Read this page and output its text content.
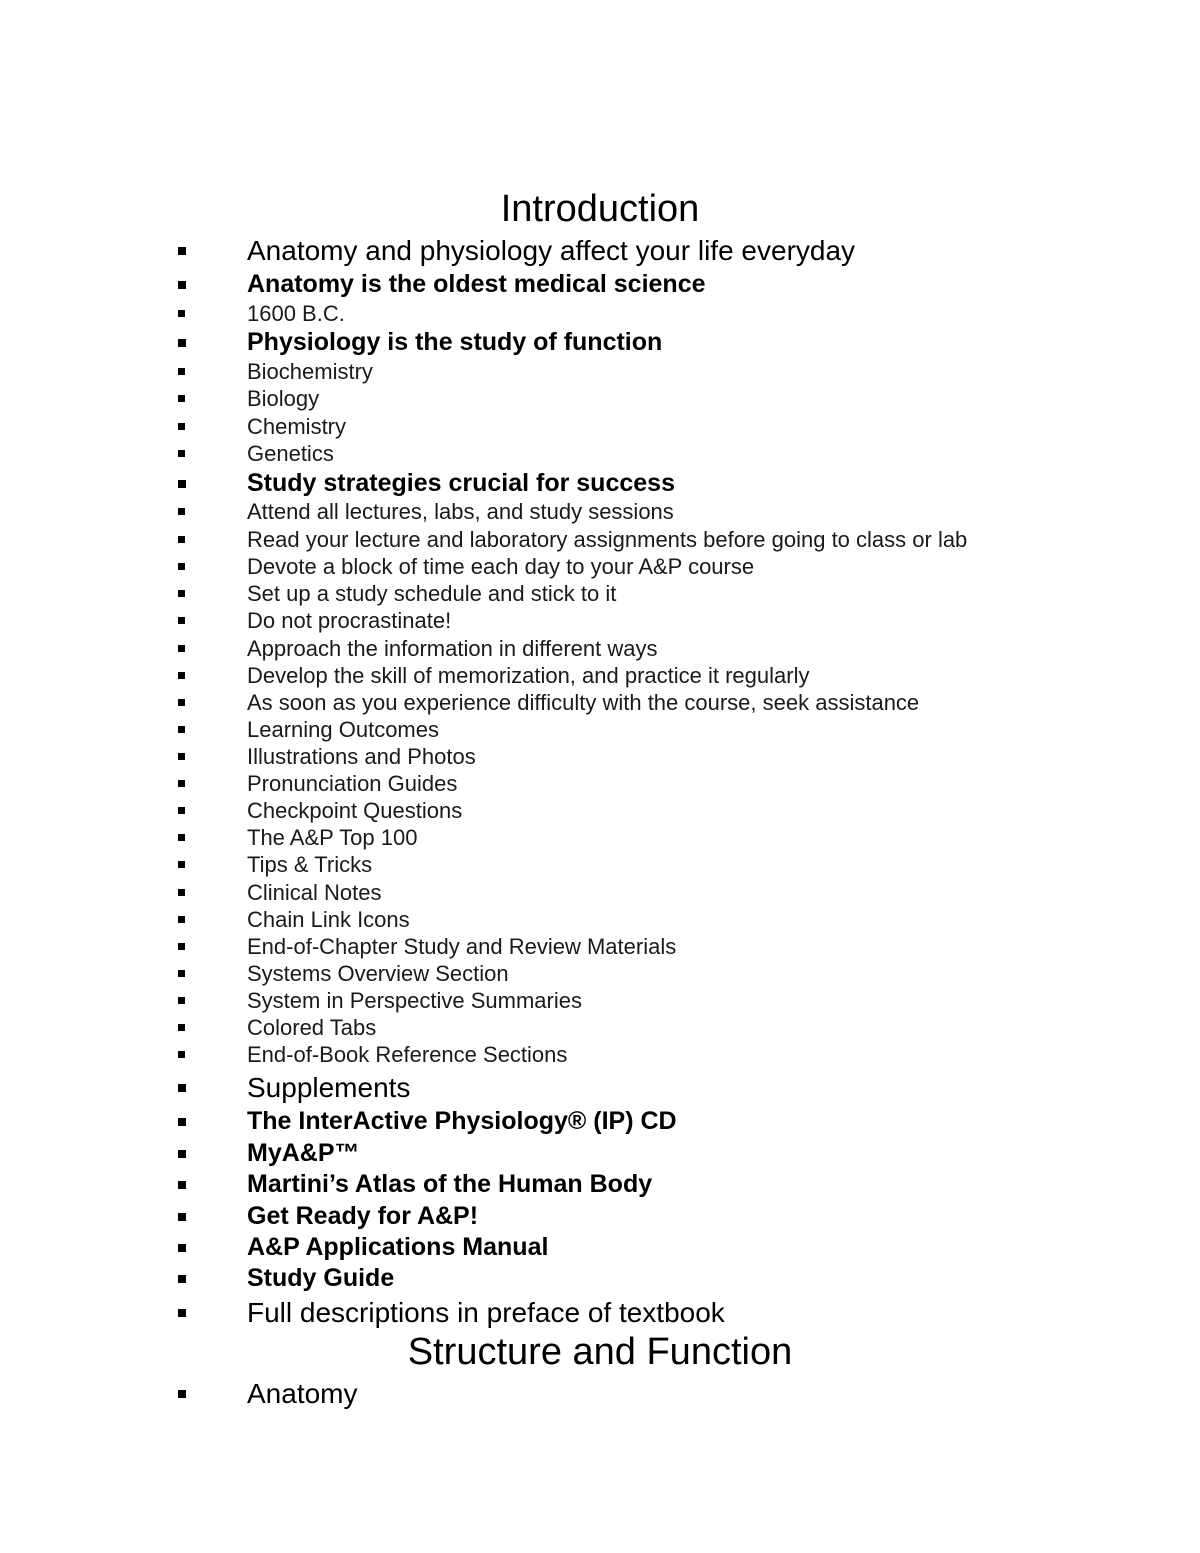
Introduction
Anatomy and physiology affect your life everyday
Anatomy is the oldest medical science
1600 B.C.
Physiology is the study of function
Biochemistry
Biology
Chemistry
Genetics
Study strategies crucial for success
Attend all lectures, labs, and study sessions
Read your lecture and laboratory assignments before going to class or lab
Devote a block of time each day to your A&P course
Set up a study schedule and stick to it
Do not procrastinate!
Approach the information in different ways
Develop the skill of memorization, and practice it regularly
As soon as you experience difficulty with the course, seek assistance
Learning Outcomes
Illustrations and Photos
Pronunciation Guides
Checkpoint Questions
The A&P Top 100
Tips & Tricks
Clinical Notes
Chain Link Icons
End-of-Chapter Study and Review Materials
Systems Overview Section
System in Perspective Summaries
Colored Tabs
End-of-Book Reference Sections
Supplements
The InterActive Physiology® (IP) CD
MyA&P™
Martini’s Atlas of the Human Body
Get Ready for A&P!
A&P Applications Manual
Study Guide
Full descriptions in preface of textbook
Structure and Function
Anatomy
